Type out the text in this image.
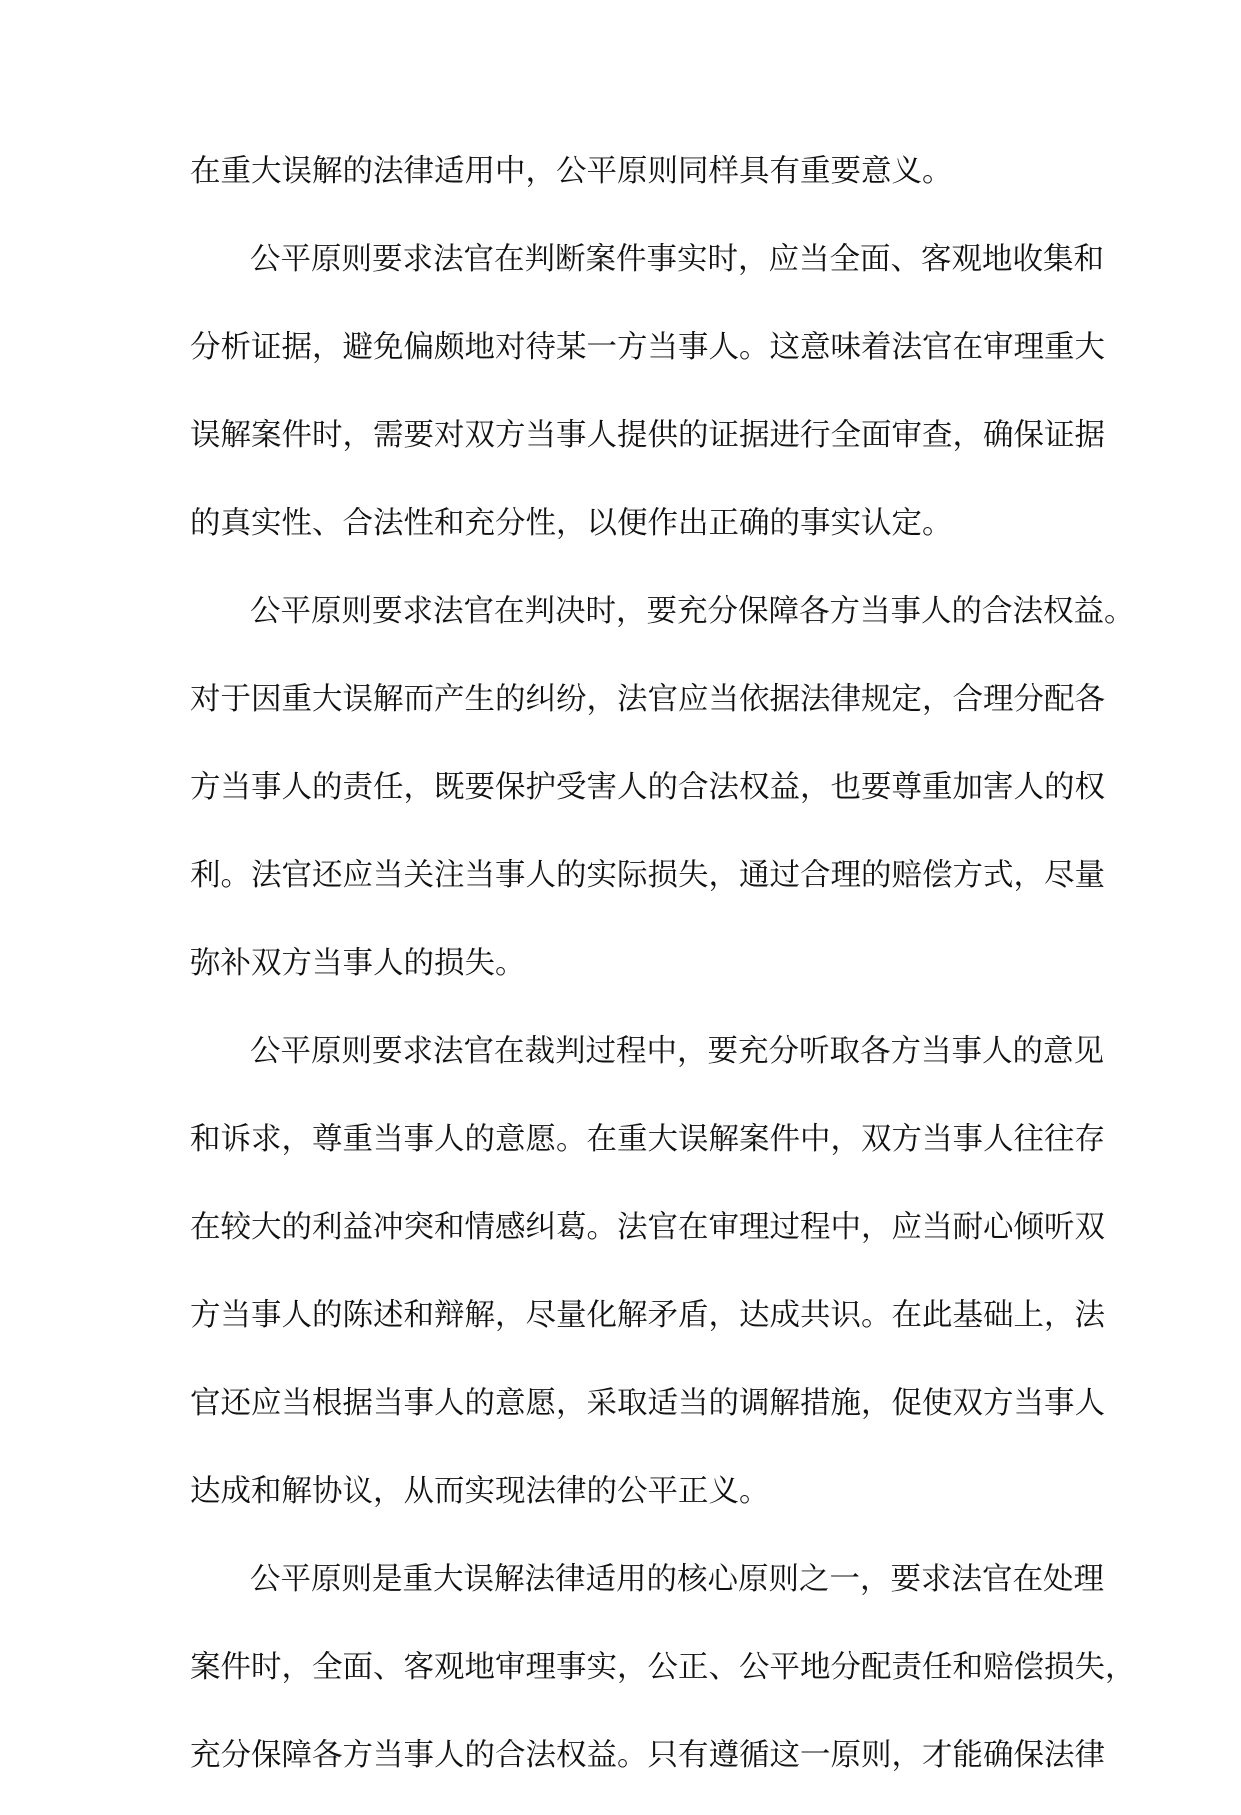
在重大误解的法律适用中，公平原则同样具有重要意义。
公平原则要求法官在判断案件事实时，应当全面、客观地收集和
分析证据，避免偏颇地对待某一方当事人。这意味着法官在审理重大
误解案件时，需要对双方当事人提供的证据进行全面审查，确保证据
的真实性、合法性和充分性，以便作出正确的事实认定。
公平原则要求法官在判决时，要充分保障各方当事人的合法权益。
对于因重大误解而产生的纠纷，法官应当依据法律规定，合理分配各
方当事人的责任，既要保护受害人的合法权益，也要尊重加害人的权
利。法官还应当关注当事人的实际损失，通过合理的赔偿方式，尽量
弥补双方当事人的损失。
公平原则要求法官在裁判过程中，要充分听取各方当事人的意见
和诉求，尊重当事人的意愿。在重大误解案件中，双方当事人往往存
在较大的利益冲突和情感纠葛。法官在审理过程中，应当耐心倾听双
方当事人的陈述和辩解，尽量化解矛盾，达成共识。在此基础上，法
官还应当根据当事人的意愿，采取适当的调解措施，促使双方当事人
达成和解协议，从而实现法律的公平正义。
公平原则是重大误解法律适用的核心原则之一，要求法官在处理
案件时，全面、客观地审理事实，公正、公平地分配责任和赔偿损失，
充分保障各方当事人的合法权益。只有遵循这一原则，才能确保法律
